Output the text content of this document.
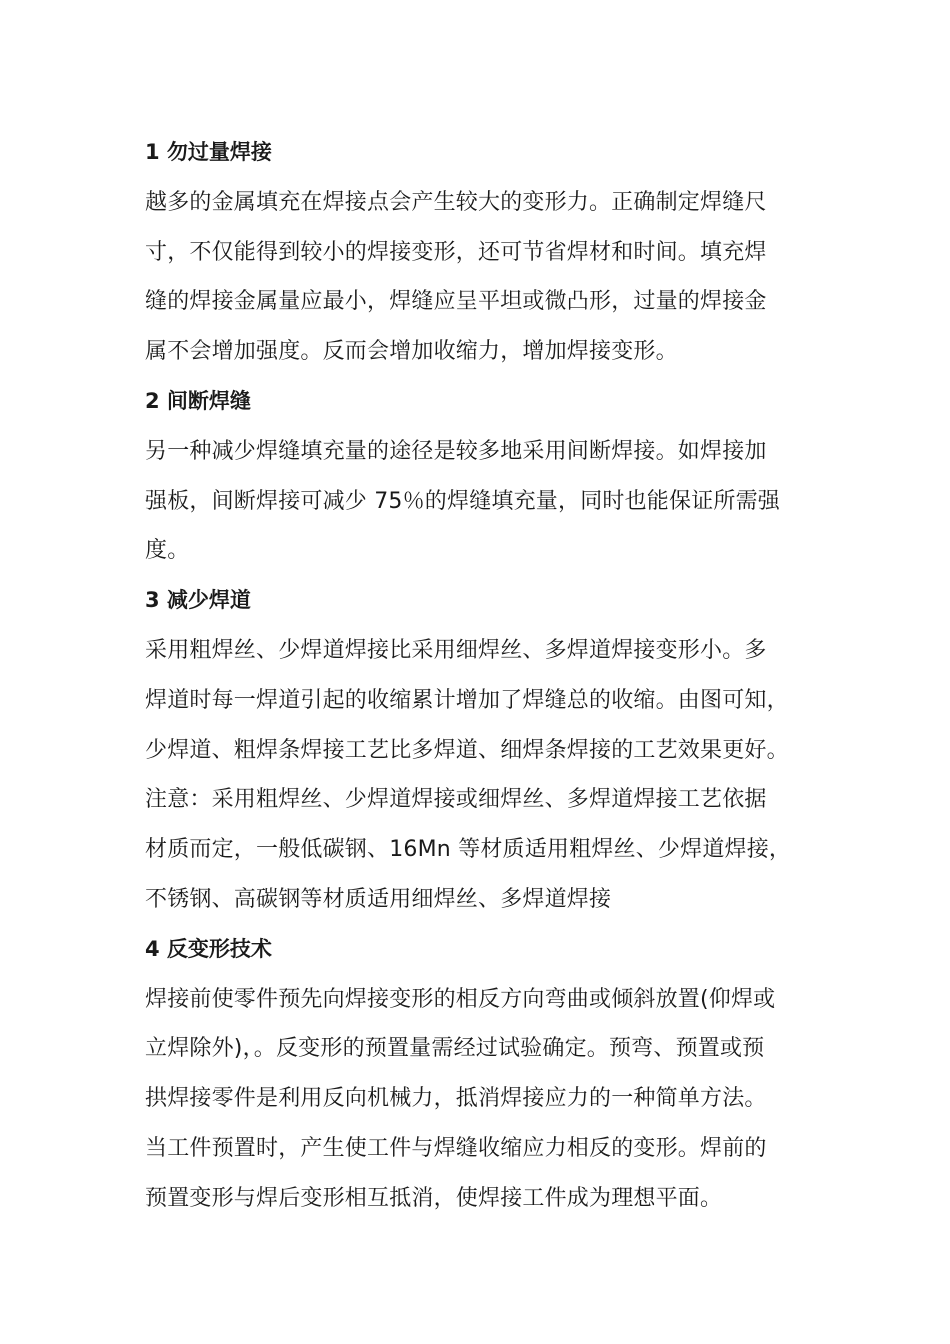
1 勿过量焊接

越多的金属填充在焊接点会产生较大的变形力。正确制定焊缝尺
寸，不仅能得到较小的焊接变形，还可节省焊材和时间。填充焊
缝的焊接金属量应最小，焊缝应呈平坦或微凸形，过量的焊接金
属不会增加强度。反而会增加收缩力，增加焊接变形。

2 间断焊缝

另一种减少焊缝填充量的途径是较多地采用间断焊接。如焊接加
强板，间断焊接可减少 75％的焊缝填充量，同时也能保证所需强
度。

3 减少焊道

采用粗焊丝、少焊道焊接比采用细焊丝、多焊道焊接变形小。多
焊道时每一焊道引起的收缩累计增加了焊缝总的收缩。由图可知，
少焊道、粗焊条焊接工艺比多焊道、细焊条焊接的工艺效果更好。
注意：采用粗焊丝、少焊道焊接或细焊丝、多焊道焊接工艺依据
材质而定，一般低碳钢、16Mn 等材质适用粗焊丝、少焊道焊接，
不锈钢、高碳钢等材质适用细焊丝、多焊道焊接

4 反变形技术

焊接前使零件预先向焊接变形的相反方向弯曲或倾斜放置(仰焊或
立焊除外)，。反变形的预置量需经过试验确定。预弯、预置或预
拱焊接零件是利用反向机械力，抵消焊接应力的一种简单方法。
当工件预置时，产生使工件与焊缝收缩应力相反的变形。焊前的
预置变形与焊后变形相互抵消，使焊接工件成为理想平面。
